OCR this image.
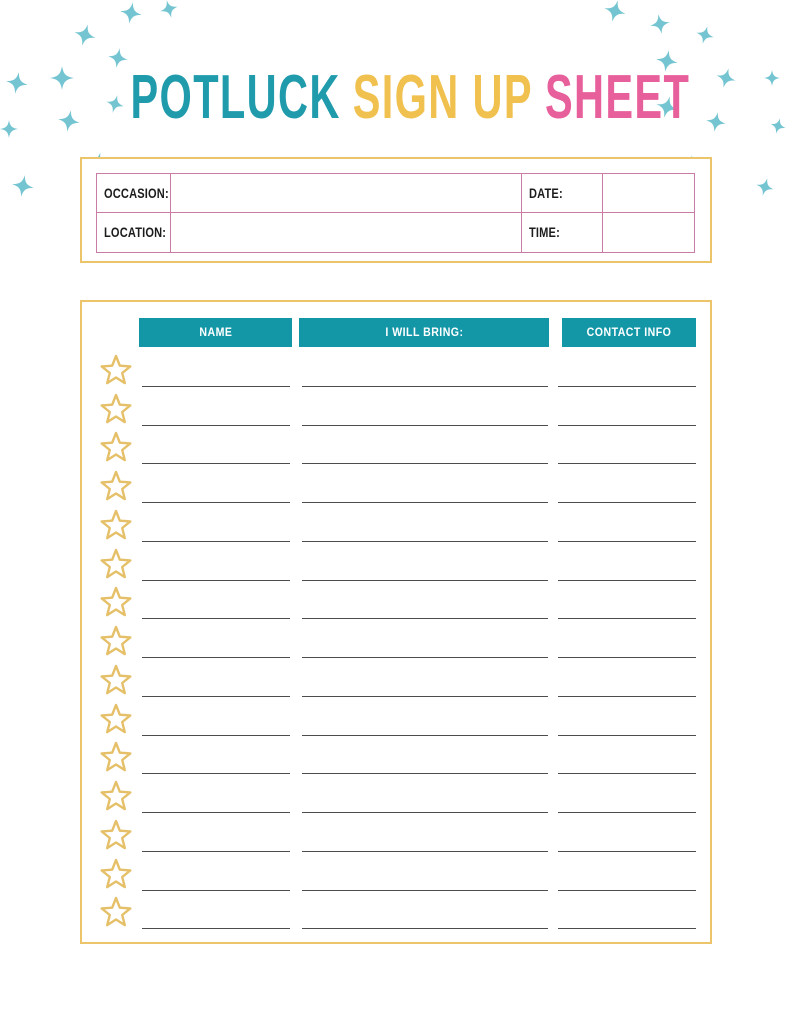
POTLUCK SIGN UP SHEET
OCCASION:	DATE:
LOCATION:	TIME:
NAME	I WILL BRING:	CONTACT INFO
